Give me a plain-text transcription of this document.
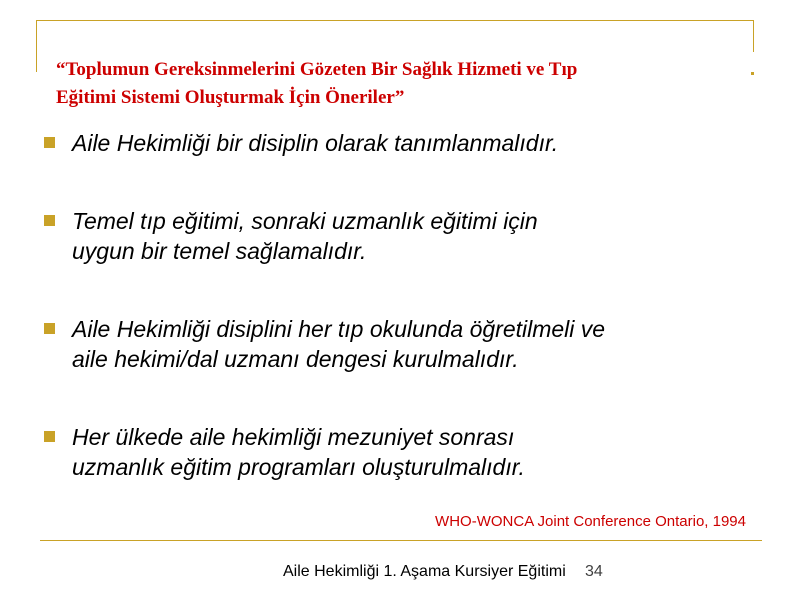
“Toplumun Gereksinmelerini Gözeten Bir Sağlık Hizmeti ve Tıp
Eğitimi Sistemi Oluşturmak İçin Öneriler”
Aile Hekimliği bir disiplin olarak tanımlanmalıdır.
Temel tıp eğitimi, sonraki uzmanlık eğitimi için
uygun bir temel sağlamalıdır.
Aile Hekimliği disiplini her tıp okulunda öğretilmeli ve
aile hekimi/dal uzmanı dengesi kurulmalıdır.
Her ülkede aile hekimliği mezuniyet sonrası
uzmanlık eğitim programları oluşturulmalıdır.
WHO-WONCA Joint Conference Ontario, 1994
Aile Hekimliği 1. Aşama Kursiyer Eğitimi 34
